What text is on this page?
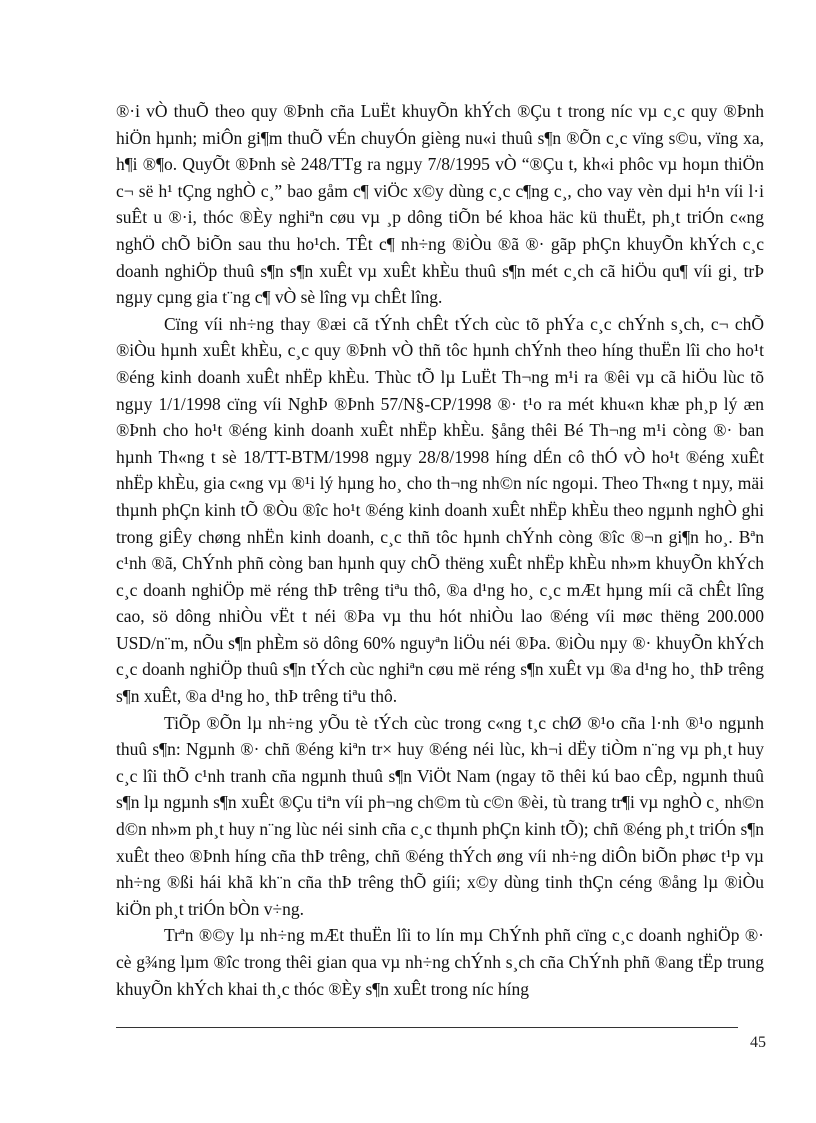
®·i vÒ thuÕ theo quy ®Þnh cña LuËt khuyÕn khÝch ®Çu t trong níc vµ c¸c quy ®Þnh hiÖn hµnh; miÔn gi¶m thuÕ vÉn chuyÓn gièng nu«i thuû s¶n ®Õn c¸c vïng s©u, vïng xa, h¶i ®¶o. QuyÕt ®Þnh sè 248/TTg ra ngµy 7/8/1995 vÒ “®Çu t, kh«i phôc vµ hoµn thiÖn c¬ së h¹ tÇng nghÒ c¸” bao gåm c¶ viÖc x©y dùng c¸c c¶ng c¸, cho vay vèn dµi h¹n víi l·i suÊt u ®·i, thóc ®Èy nghiªn cøu vµ ¸p dông tiÕn bé khoa häc kü thuËt, ph¸t triÓn c«ng nghÖ chÕ biÕn sau thu ho¹ch. TÊt c¶ nh÷ng ®iÒu ®ã ®· gãp phÇn khuyÕn khÝch c¸c doanh nghiÖp thuû s¶n s¶n xuÊt vµ xuÊt khÈu thuû s¶n mét c¸ch cã hiÖu qu¶ víi gi¸ trÞ ngµy cµng gia t¨ng c¶ vÒ sè lîng vµ chÊt lîng.

Cïng víi nh÷ng thay ®æi cã tÝnh chÊt tÝch cùc tõ phÝa c¸c chÝnh s¸ch, c¬ chÕ ®iÒu hµnh xuÊt khÈu, c¸c quy ®Þnh vÒ thñ tôc hµnh chÝnh theo híng thuËn lîi cho ho¹t ®éng kinh doanh xuÊt nhËp khÈu. Thùc tÕ lµ LuËt Th¬ng m¹i ra ®êi vµ cã hiÖu lùc tõ ngµy 1/1/1998 cïng víi NghÞ ®Þnh 57/N§-CP/1998 ®· t¹o ra mét khu«n khæ ph¸p lý æn ®Þnh cho ho¹t ®éng kinh doanh xuÊt nhËp khÈu. §ång thêi Bé Th¬ng m¹i còng ®· ban hµnh Th«ng t sè 18/TT-BTM/1998 ngµy 28/8/1998 híng dÉn cô thÓ vÒ ho¹t ®éng xuÊt nhËp khÈu, gia c«ng vµ ®¹i lý hµng ho¸ cho th¬ng nh©n níc ngoµi. Theo Th«ng t nµy, mäi thµnh phÇn kinh tÕ ®Òu ®îc ho¹t ®éng kinh doanh xuÊt nhËp khÈu theo ngµnh nghÒ ghi trong giÊy chøng nhËn kinh doanh, c¸c thñ tôc hµnh chÝnh còng ®îc ®¬n gi¶n ho¸. Bªn c¹nh ®ã, ChÝnh phñ còng ban hµnh quy chÕ thëng xuÊt nhËp khÈu nh»m khuyÕn khÝch c¸c doanh nghiÖp më réng thÞ trêng tiªu thô, ®a d¹ng ho¸ c¸c mÆt hµng míi cã chÊt lîng cao, sö dông nhiÒu vËt t néi ®Þa vµ thu hót nhiÒu lao ®éng víi møc thëng 200.000 USD/n¨m, nÕu s¶n phÈm sö dông 60% nguyªn liÖu néi ®Þa. ®iÒu nµy ®· khuyÕn khÝch c¸c doanh nghiÖp thuû s¶n tÝch cùc nghiªn cøu më réng s¶n xuÊt vµ ®a d¹ng ho¸ thÞ trêng s¶n xuÊt, ®a d¹ng ho¸ thÞ trêng tiªu thô.

TiÕp ®Õn lµ nh÷ng yÕu tè tÝch cùc trong c«ng t¸c chØ ®¹o cña l·nh ®¹o ngµnh thuû s¶n: Ngµnh ®· chñ ®éng kiªn tr× huy ®éng néi lùc, kh¬i dËy tiÒm n¨ng vµ ph¸t huy c¸c lîi thÕ c¹nh tranh cña ngµnh thuû s¶n ViÖt Nam (ngay tõ thêi kú bao cÊp, ngµnh thuû s¶n lµ ngµnh s¶n xuÊt ®Çu tiªn víi ph¬ng ch©m tù c©n ®èi, tù trang tr¶i vµ nghÒ c¸ nh©n d©n nh»m ph¸t huy n¨ng lùc néi sinh cña c¸c thµnh phÇn kinh tÕ); chñ ®éng ph¸t triÓn s¶n xuÊt theo ®Þnh híng cña thÞ trêng, chñ ®éng thÝch øng víi nh÷ng diÔn biÕn phøc t¹p vµ nh÷ng ®ßi hái khã kh¨n cña thÞ trêng thÕ giíi; x©y dùng tinh thÇn céng ®ång lµ ®iÒu kiÖn ph¸t triÓn bÒn v÷ng.

Trªn ®©y lµ nh÷ng mÆt thuËn lîi to lín mµ ChÝnh phñ cïng c¸c doanh nghiÖp ®· cè g¾ng lµm ®îc trong thêi gian qua vµ nh÷ng chÝnh s¸ch cña ChÝnh phñ ®ang tËp trung khuyÕn khÝch khai th¸c thóc ®Èy s¶n xuÊt trong níc híng

45
